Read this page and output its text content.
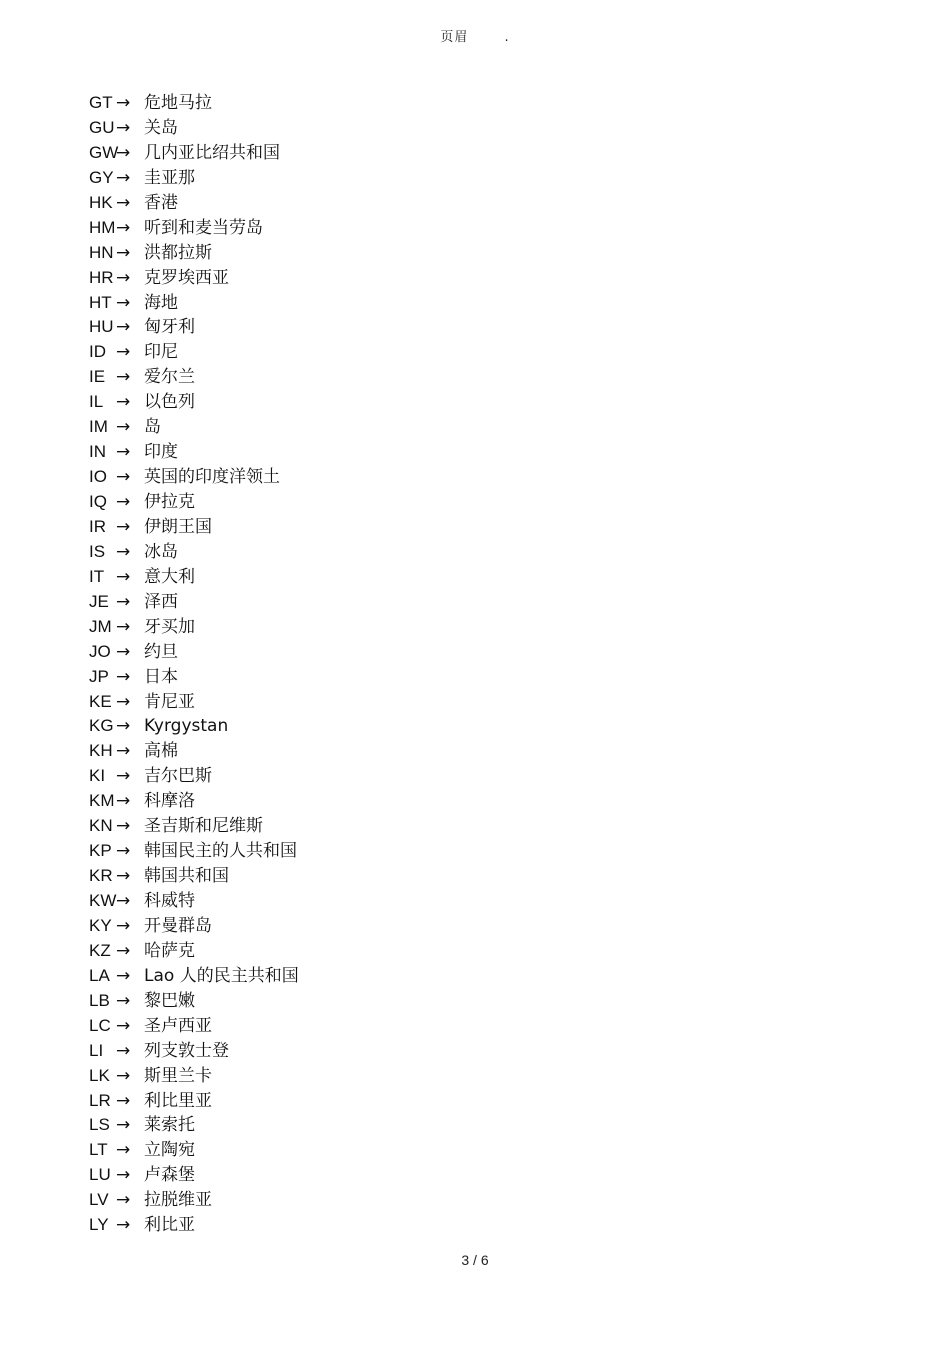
页眉	.
GT → 危地马拉
GU→ 关岛
GW→ 几内亚比绍共和国
GY → 圭亚那
HK → 香港
HM→ 听到和麦当劳岛
HN → 洪都拉斯
HR → 克罗埃西亚
HT → 海地
HU → 匈牙利
ID → 印尼
IE → 爱尔兰
IL → 以色列
IM → 岛
IN → 印度
IO → 英国的印度洋领土
IQ → 伊拉克
IR → 伊朗王国
IS → 冰岛
IT → 意大利
JE → 泽西
JM → 牙买加
JO → 约旦
JP → 日本
KE → 肯尼亚
KG → Kyrgystan
KH → 高棉
KI → 吉尔巴斯
KM→ 科摩洛
KN → 圣吉斯和尼维斯
KP → 韩国民主的人共和国
KR → 韩国共和国
KW→ 科威特
KY → 开曼群岛
KZ → 哈萨克
LA → Lao 人的民主共和国
LB → 黎巴嫩
LC → 圣卢西亚
LI → 列支敦士登
LK → 斯里兰卡
LR → 利比里亚
LS → 莱索托
LT → 立陶宛
LU → 卢森堡
LV → 拉脱维亚
LY → 利比亚
3 / 6
